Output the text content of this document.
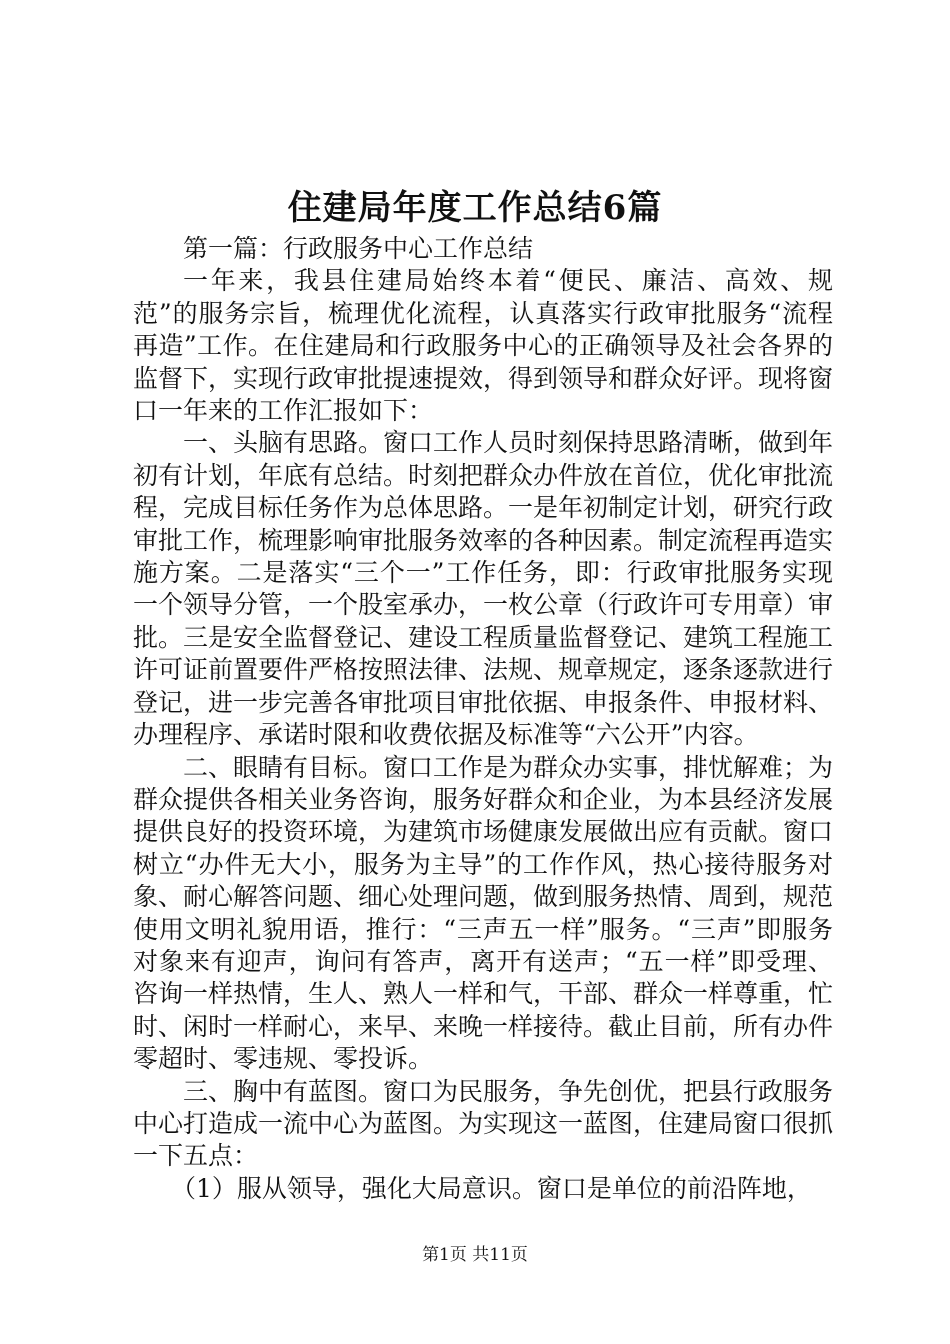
住建局年度工作总结6篇

第一篇：行政服务中心工作总结

一年来，我县住建局始终本着“便民、廉洁、高效、规范”的服务宗旨，梳理优化流程，认真落实行政审批服务“流程再造”工作。在住建局和行政服务中心的正确领导及社会各界的监督下，实现行政审批提速提效，得到领导和群众好评。现将窗口一年来的工作汇报如下：

一、头脑有思路。窗口工作人员时刻保持思路清晰，做到年初有计划，年底有总结。时刻把群众办件放在首位，优化审批流程，完成目标任务作为总体思路。一是年初制定计划，研究行政审批工作，梳理影响审批服务效率的各种因素。制定流程再造实施方案。二是落实“三个一”工作任务，即：行政审批服务实现一个领导分管，一个股室承办，一枚公章（行政许可专用章）审批。三是安全监督登记、建设工程质量监督登记、建筑工程施工许可证前置要件严格按照法律、法规、规章规定，逐条逐款进行登记，进一步完善各审批项目审批依据、申报条件、申报材料、办理程序、承诺时限和收费依据及标准等“六公开”内容。

二、眼睛有目标。窗口工作是为群众办实事，排忧解难；为群众提供各相关业务咨询，服务好群众和企业，为本县经济发展提供良好的投资环境，为建筑市场健康发展做出应有贡献。窗口树立“办件无大小，服务为主导”的工作作风，热心接待服务对象、耐心解答问题、细心处理问题，做到服务热情、周到，规范使用文明礼貌用语，推行：“三声五一样”服务。“三声”即服务对象来有迎声，询问有答声，离开有送声；“五一样”即受理、咨询一样热情，生人、熟人一样和气，干部、群众一样尊重，忙时、闲时一样耐心，来早、来晚一样接待。截止目前，所有办件零超时、零违规、零投诉。

三、胸中有蓝图。窗口为民服务，争先创优，把县行政服务中心打造成一流中心为蓝图。为实现这一蓝图，住建局窗口很抓一下五点：

（1）服从领导，强化大局意识。窗口是单位的前沿阵地，

第1页 共11页
